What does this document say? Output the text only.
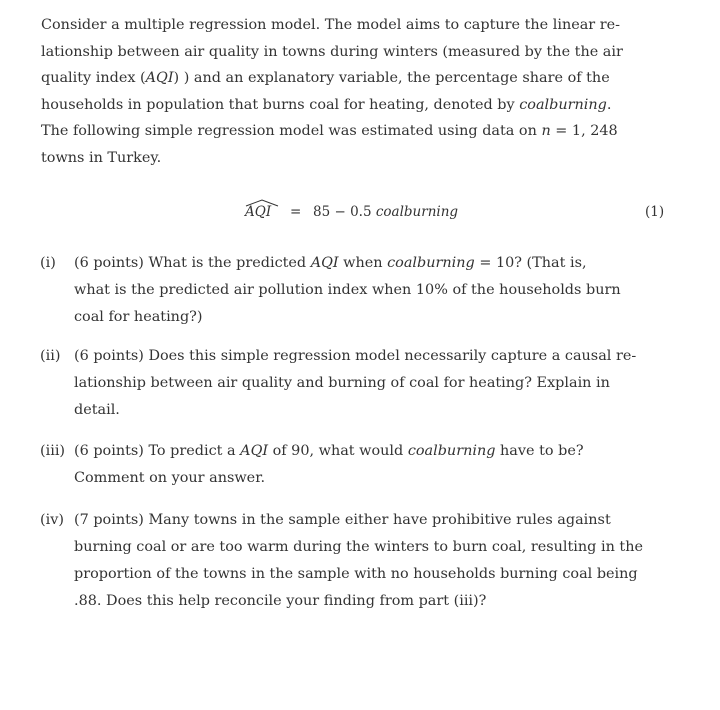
Consider a multiple regression model. The model aims to capture the linear re-
lationship between air quality in towns during winters (measured by the the air
quality index (AQI) ) and an explanatory variable, the percentage share of the
households in population that burns coal for heating, denoted by coalburning.
The following simple regression model was estimated using data on n = 1, 248
towns in Turkey.
AQI = 85 − 0.5 coalburning	(1)
(i) (6 points) What is the predicted AQI when coalburning = 10? (That is,
what is the predicted air pollution index when 10% of the households burn
coal for heating?)
(ii) (6 points) Does this simple regression model necessarily capture a causal re-
lationship between air quality and burning of coal for heating? Explain in
detail.
(iii) (6 points) To predict a AQI of 90, what would coalburning have to be?
Comment on your answer.
(iv) (7 points) Many towns in the sample either have prohibitive rules against
burning coal or are too warm during the winters to burn coal, resulting in the
proportion of the towns in the sample with no households burning coal being
.88. Does this help reconcile your finding from part (iii)?
